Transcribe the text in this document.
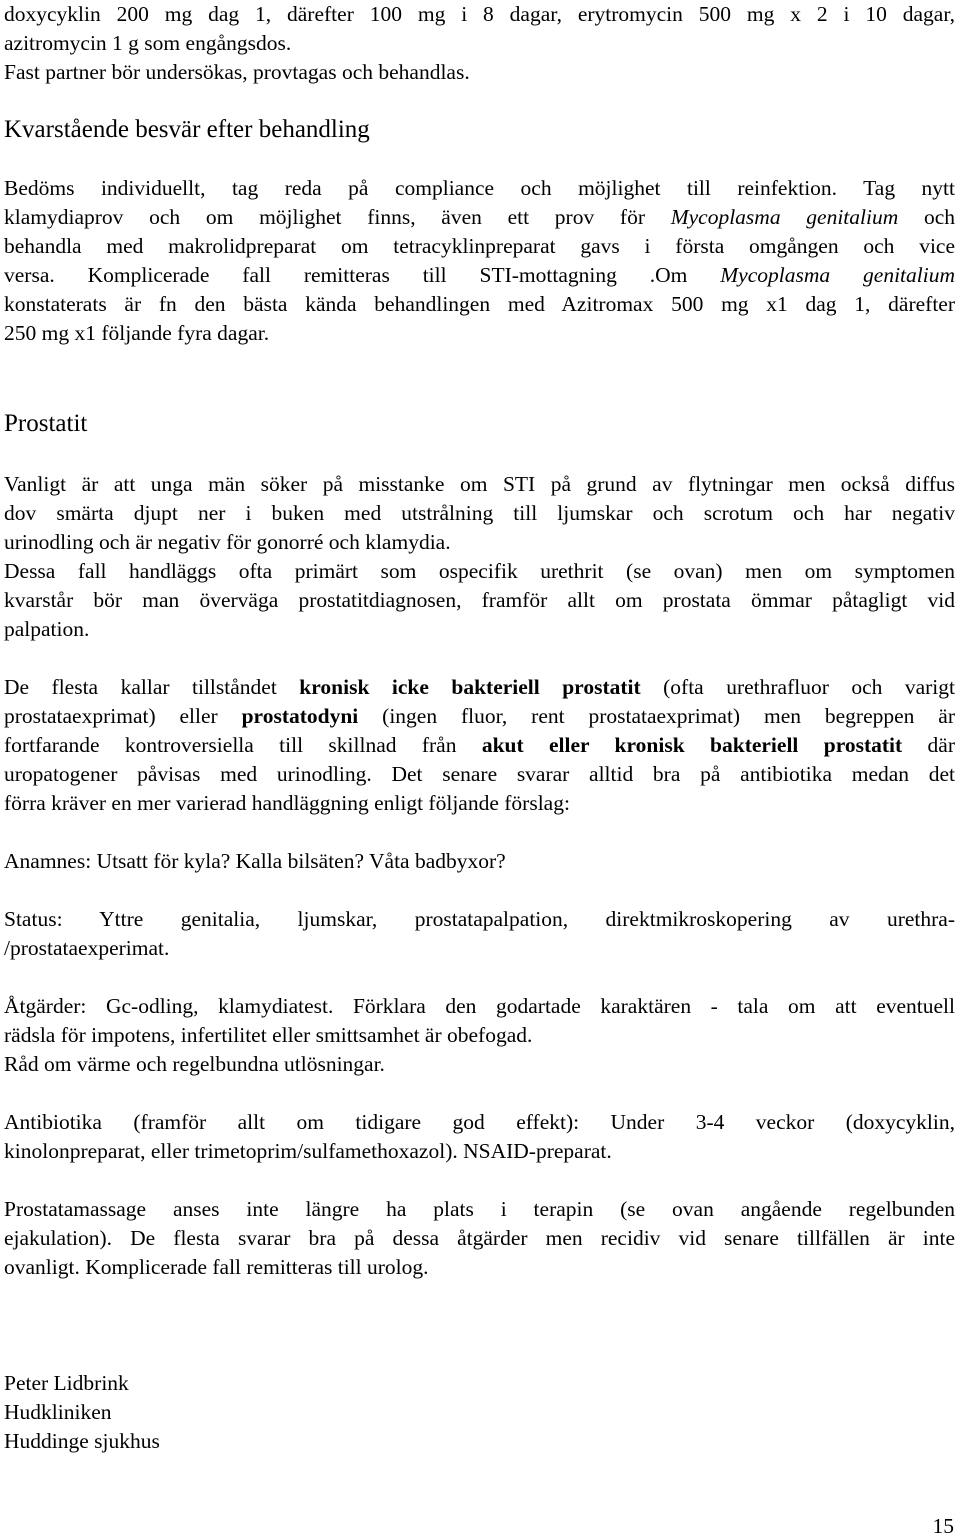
doxycyklin 200 mg dag 1, därefter 100 mg i 8 dagar, erytromycin 500 mg x 2 i 10 dagar,
azitromycin 1 g som engångsdos.
Fast partner bör undersökas, provtagas och behandlas.
Kvarstående besvär efter behandling
Bedöms individuellt, tag reda på compliance och möjlighet till reinfektion. Tag nytt
klamydiaprov och om möjlighet finns, även ett prov för Mycoplasma genitalium och
behandla med makrolidpreparat om tetracyklinpreparat gavs i första omgången och vice
versa. Komplicerade fall remitteras till STI-mottagning .Om Mycoplasma genitalium
konstaterats är fn den bästa kända behandlingen med Azitromax 500 mg x1 dag 1, därefter
250 mg x1 följande fyra dagar.
Prostatit
Vanligt är att unga män söker på misstanke om STI på grund av flytningar men också diffus
dov smärta djupt ner i buken med utstrålning till ljumskar och scrotum och har negativ
urinodling och är negativ för gonorré och klamydia.
Dessa fall handläggs ofta primärt som ospecifik urethrit (se ovan) men om symptomen
kvarstår bör man överväga prostatitdiagnosen, framför allt om prostata ömmar påtagligt vid
palpation.
De flesta kallar tillståndet kronisk icke bakteriell prostatit (ofta urethrafluor och varigt
prostataexprimat) eller prostatodyni (ingen fluor, rent prostataexprimat) men begreppen är
fortfarande kontroversiella till skillnad från akut eller kronisk bakteriell prostatit där
uropatogener påvisas med urinodling. Det senare svarar alltid bra på antibiotika medan det
förra kräver en mer varierad handläggning enligt följande förslag:
Anamnes: Utsatt för kyla? Kalla bilsäten? Våta badbyxor?
Status: Yttre genitalia, ljumskar, prostatapalpation, direktmikroskopering av urethra-
/prostataexperimat.
Åtgärder: Gc-odling, klamydiatest. Förklara den godartade karaktären - tala om att eventuell
rädsla för impotens, infertilitet eller smittsamhet är obefogad.
Råd om värme och regelbundna utlösningar.
Antibiotika (framför allt om tidigare god effekt): Under 3-4 veckor (doxycyklin,
kinolonpreparat, eller trimetoprim/sulfamethoxazol). NSAID-preparat.
Prostatamassage anses inte längre ha plats i terapin (se ovan angående regelbunden
ejakulation). De flesta svarar bra på dessa åtgärder men recidiv vid senare tillfällen är inte
ovanligt. Komplicerade fall remitteras till urolog.
Peter Lidbrink
Hudkliniken
Huddinge sjukhus
15
